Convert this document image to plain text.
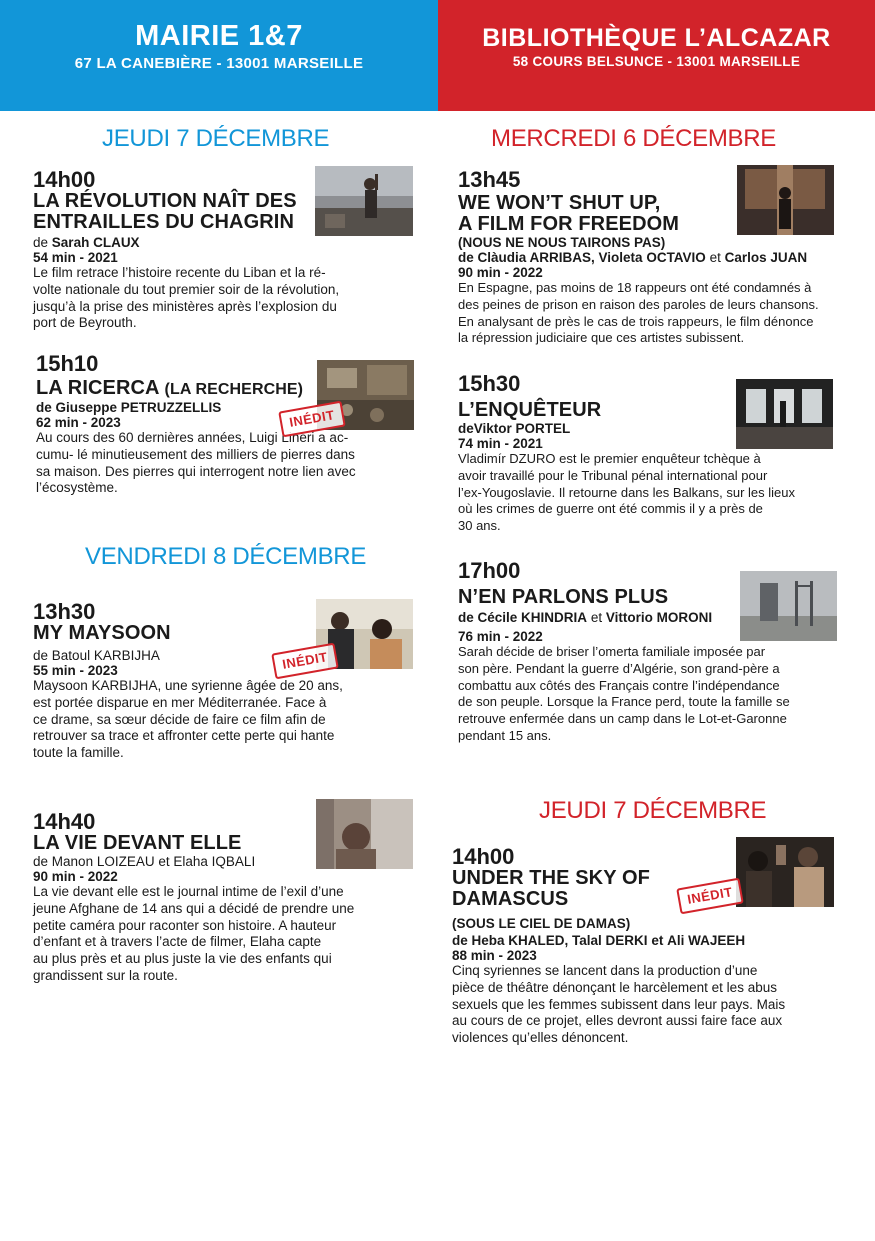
MAIRIE 1&7
67 LA CANEBIÈRE - 13001 MARSEILLE
BIBLIOTHÈQUE L’ALCAZAR
58 COURS BELSUNCE - 13001 MARSEILLE
JEUDI 7 DÉCEMBRE
VENDREDI 8 DÉCEMBRE
MERCREDI 6 DÉCEMBRE
JEUDI 7 DÉCEMBRE
14h00
LA RÉVOLUTION NAÎT DES
ENTRAILLES DU CHAGRIN
de Sarah CLAUX
54 min - 2021
Le film retrace l’histoire recente du Liban et la ré-
volte nationale du tout premier soir de la révolution,
jusqu’à la prise des ministères après l’explosion du
port de Beyrouth.
15h10
LA RICERCA (LA RECHERCHE)
de Giuseppe PETRUZZELLIS
62 min - 2023
Au cours des 60 dernières années, Luigi Lineri a ac-
cumu- lé minutieusement des milliers de pierres dans
sa maison. Des pierres qui interrogent notre lien avec
l’écosystème.
INÉDIT
13h30
MY MAYSOON
de Batoul KARBIJHA
55 min - 2023
Maysoon KARBIJHA, une syrienne âgée de 20 ans,
est portée disparue en mer Méditerranée. Face à
ce drame, sa sœur décide de faire ce film afin de
retrouver sa trace et affronter cette perte qui hante
toute la famille.
INÉDIT
14h40
LA VIE DEVANT ELLE
de Manon LOIZEAU et Elaha IQBALI
90 min - 2022
La vie devant elle est le journal intime de l’exil d’une
jeune Afghane de 14 ans qui a décidé de prendre une
petite caméra pour raconter son histoire. A hauteur
d’enfant et à travers l’acte de filmer, Elaha capte
au plus près et au plus juste la vie des enfants qui
grandissent sur la route.
13h45
WE WON’T SHUT UP,
A FILM FOR FREEDOM
(NOUS NE NOUS TAIRONS PAS)
de Clàudia ARRIBAS, Violeta OCTAVIO et Carlos JUAN
90 min - 2022
En Espagne, pas moins de 18 rappeurs ont été condamnés à
des peines de prison en raison des paroles de leurs chansons.
En analysant de près le cas de trois rappeurs, le film dénonce
la répression judiciaire que ces artistes subissent.
15h30
L’ENQUÊTEUR
deViktor PORTEL
74 min - 2021
Vladimír DZURO est le premier enquêteur tchèque à
avoir travaillé pour le Tribunal pénal international pour
l’ex-Yougoslavie. Il retourne dans les Balkans, sur les lieux
où les crimes de guerre ont été commis il y a près de
30 ans.
17h00
N’EN PARLONS PLUS
de Cécile KHINDRIA et Vittorio MORONI
76 min - 2022
Sarah décide de briser l’omerta familiale imposée par
son père. Pendant la guerre d’Algérie, son grand-père a
combattu aux côtés des Français contre l’indépendance
de son peuple. Lorsque la France perd, toute la famille se
retrouve enfermée dans un camp dans le Lot-et-Garonne
pendant 15 ans.
14h00
UNDER THE SKY OF
DAMASCUS
(SOUS LE CIEL DE DAMAS)
de Heba KHALED, Talal DERKI et Ali WAJEEH
88 min - 2023
Cinq syriennes se lancent dans la production d’une
pièce de théâtre dénonçant le harcèlement et les abus
sexuels que les femmes subissent dans leur pays. Mais
au cours de ce projet, elles devront aussi faire face aux
violences qu’elles dénoncent.
INÉDIT
